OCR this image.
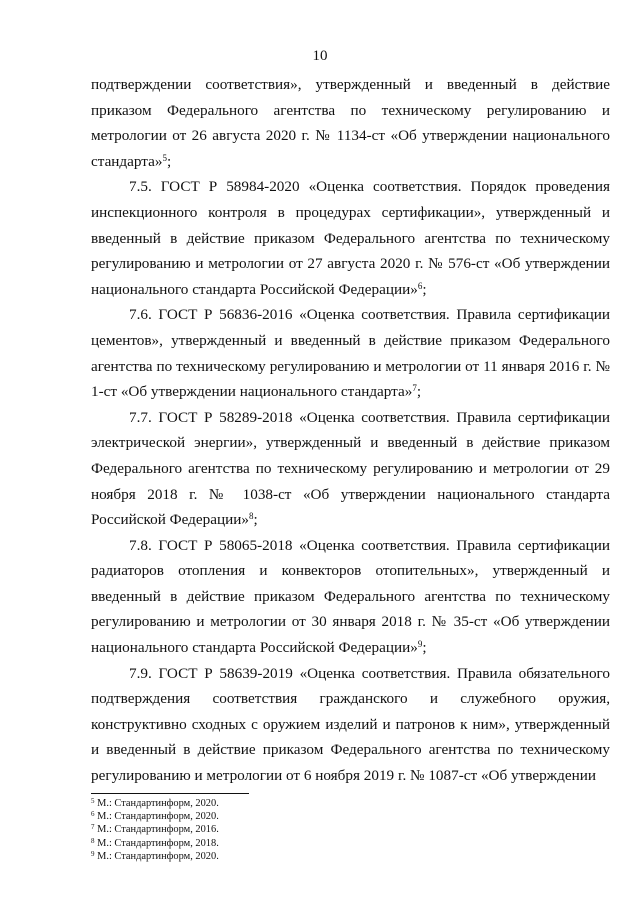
10

подтверждении соответствия», утвержденный и введенный в действие приказом Федерального агентства по техническому регулированию и метрологии от 26 августа 2020 г. № 1134-ст «Об утверждении национального стандарта»$^5$;

7.5. ГОСТ Р 58984-2020 «Оценка соответствия. Порядок проведения инспекционного контроля в процедурах сертификации», утвержденный и введенный в действие приказом Федерального агентства по техническому регулированию и метрологии от 27 августа 2020 г. № 576-ст «Об утверждении национального стандарта Российской Федерации»$^6$;

7.6. ГОСТ Р 56836-2016 «Оценка соответствия. Правила сертификации цементов», утвержденный и введенный в действие приказом Федерального агентства по техническому регулированию и метрологии от 11 января 2016 г. № 1-ст «Об утверждении национального стандарта»$^7$;

7.7. ГОСТ Р 58289-2018 «Оценка соответствия. Правила сертификации электрической энергии», утвержденный и введенный в действие приказом Федерального агентства по техническому регулированию и метрологии от 29 ноября 2018 г. № 1038-ст «Об утверждении национального стандарта Российской Федерации»$^8$;

7.8. ГОСТ Р 58065-2018 «Оценка соответствия. Правила сертификации радиаторов отопления и конвекторов отопительных», утвержденный и введенный в действие приказом Федерального агентства по техническому регулированию и метрологии от 30 января 2018 г. № 35-ст «Об утверждении национального стандарта Российской Федерации»$^9$;

7.9. ГОСТ Р 58639-2019 «Оценка соответствия. Правила обязательного подтверждения соответствия гражданского и служебного оружия, конструктивно сходных с оружием изделий и патронов к ним», утвержденный и введенный в действие приказом Федерального агентства по техническому регулированию и метрологии от 6 ноября 2019 г. № 1087-ст «Об утверждении

$^5$ М.: Стандартинформ, 2020.
$^6$ М.: Стандартинформ, 2020.
$^7$ М.: Стандартинформ, 2016.
$^8$ М.: Стандартинформ, 2018.
$^9$ М.: Стандартинформ, 2020.
